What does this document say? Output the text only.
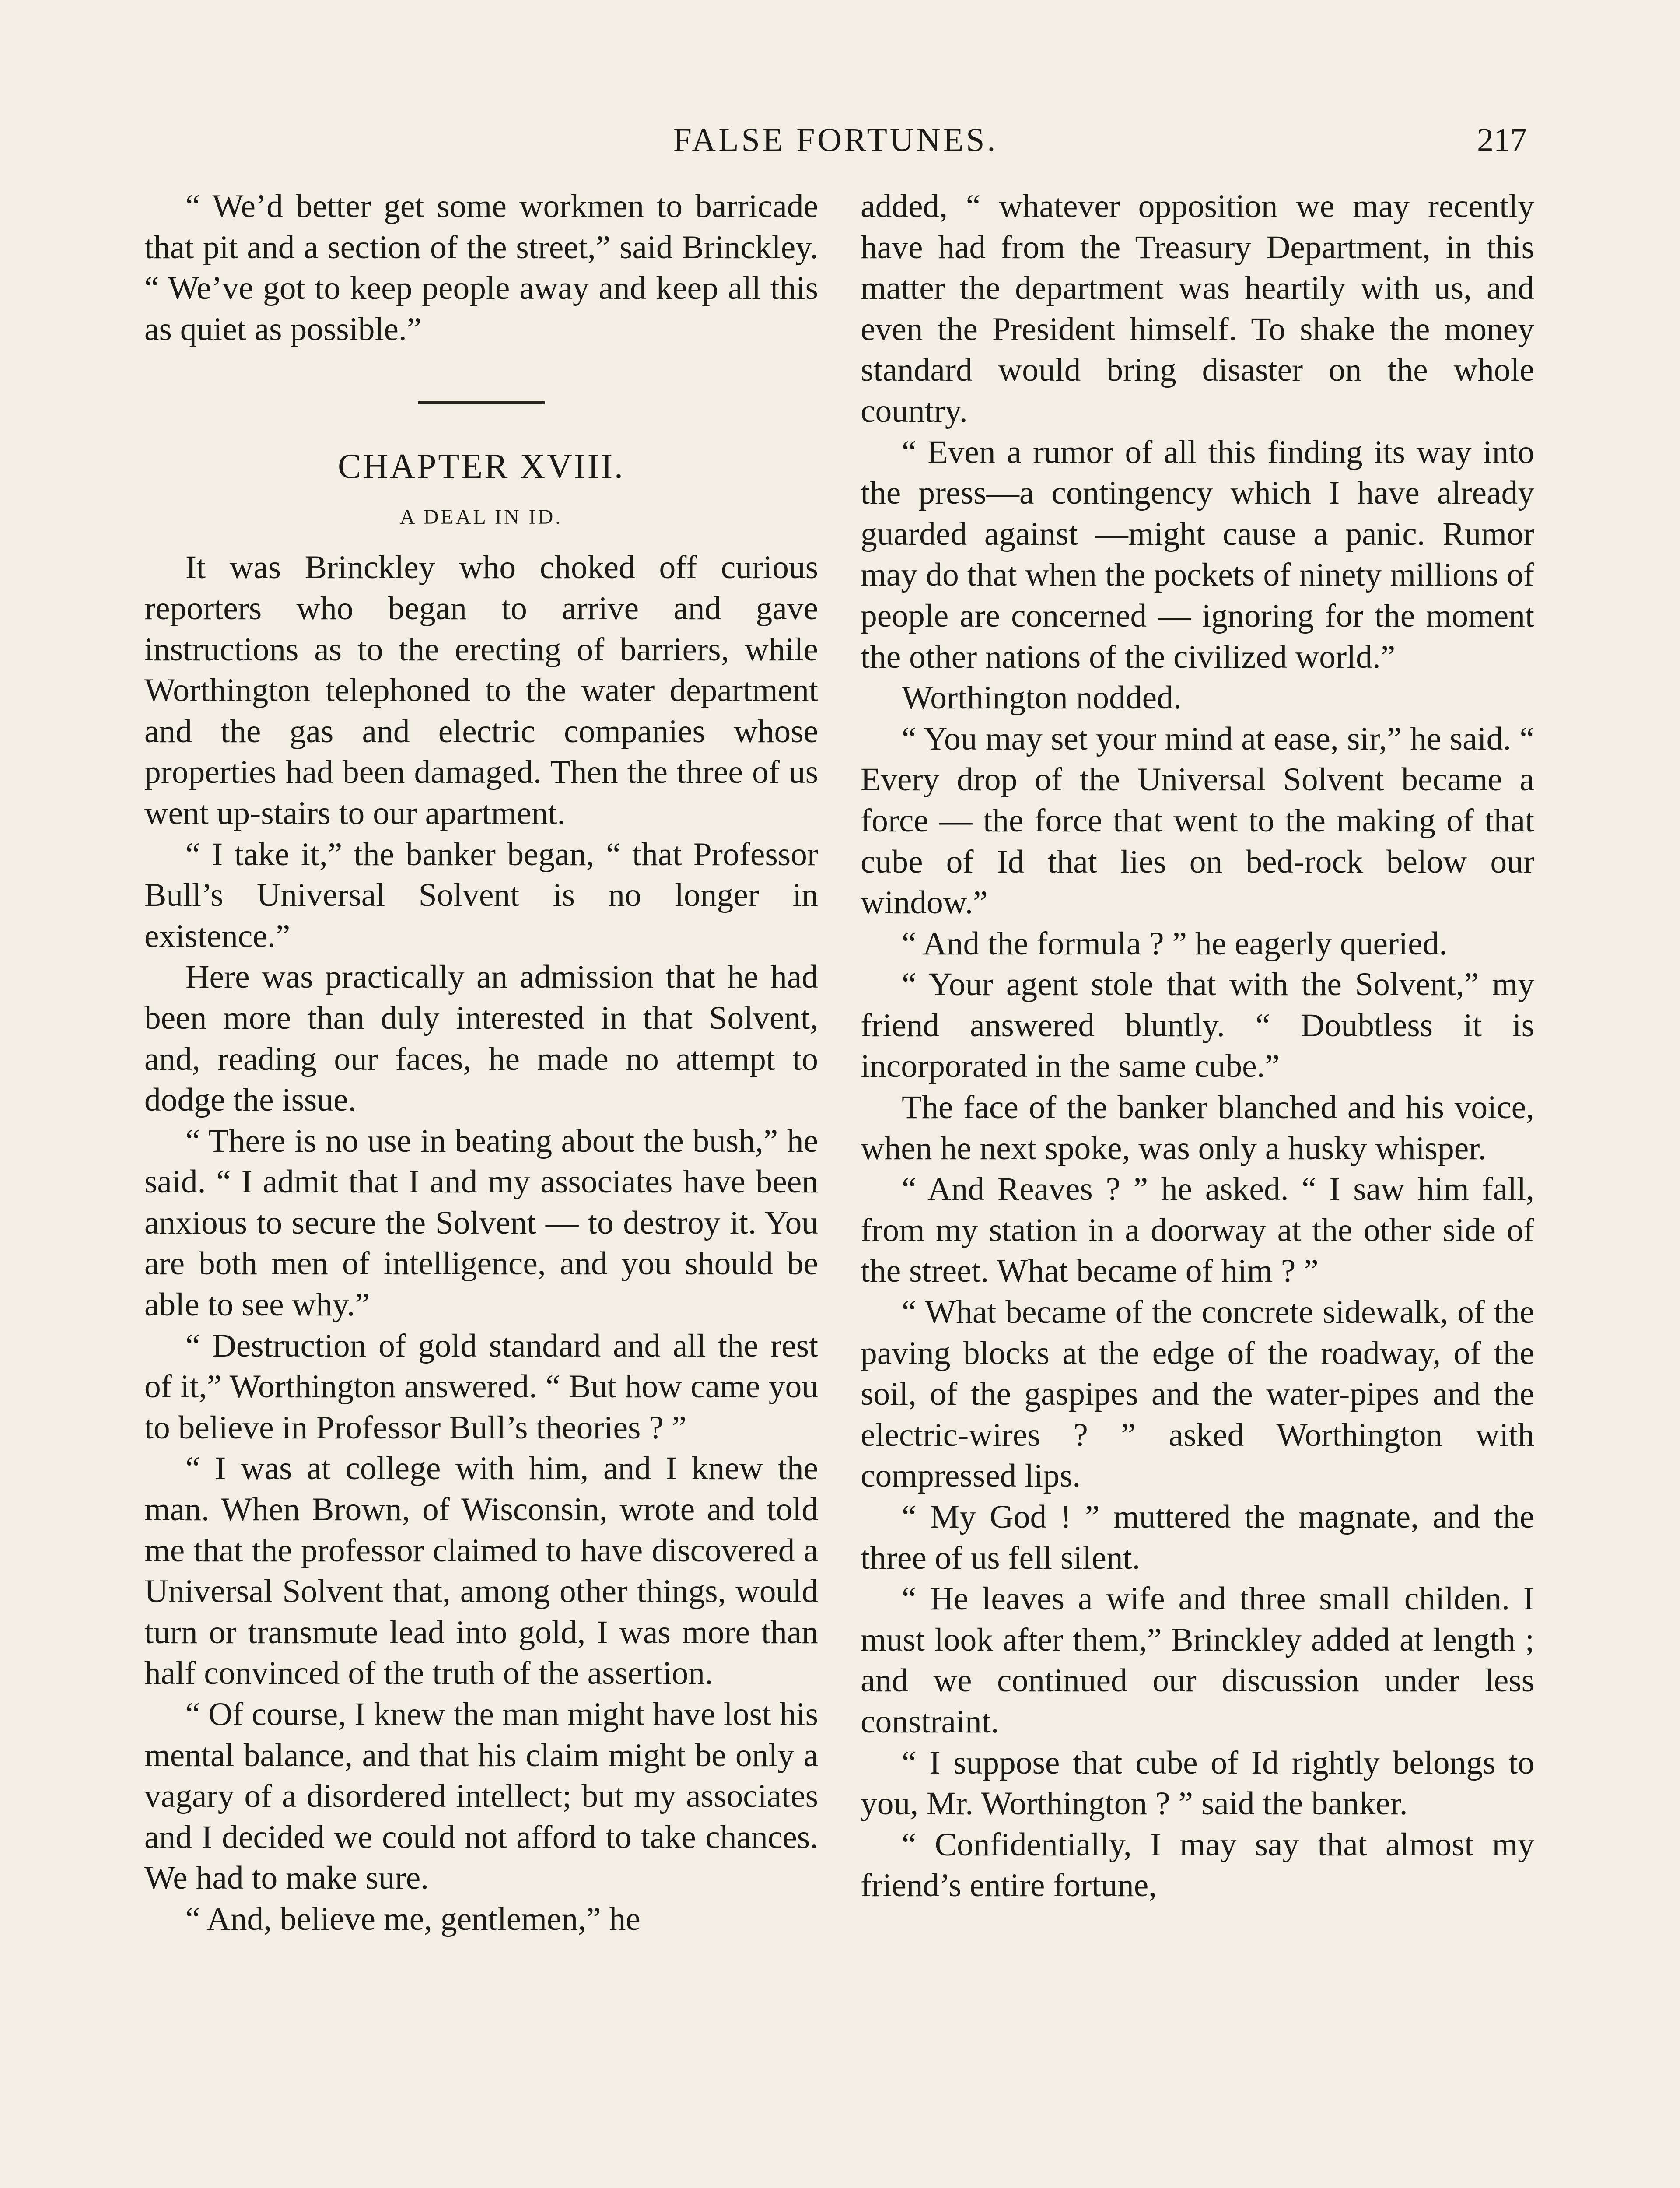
FALSE FORTUNES.	217

“ We’d better get some workmen to barricade that pit and a section of the street,” said Brinckley. “ We’ve got to keep people away and keep all this as quiet as possible.”

CHAPTER XVIII.
A DEAL IN ID.

It was Brinckley who choked off curious reporters who began to arrive and gave instructions as to the erecting of barriers, while Worthington telephoned to the water department and the gas and electric companies whose properties had been damaged. Then the three of us went up-stairs to our apartment.

“ I take it,” the banker began, “ that Professor Bull’s Universal Solvent is no longer in existence.”

Here was practically an admission that he had been more than duly interested in that Solvent, and, reading our faces, he made no attempt to dodge the issue.

“ There is no use in beating about the bush,” he said. “ I admit that I and my associates have been anxious to secure the Solvent — to destroy it. You are both men of intelligence, and you should be able to see why.”

“ Destruction of gold standard and all the rest of it,” Worthington answered. “ But how came you to believe in Professor Bull’s theories ? ”

“ I was at college with him, and I knew the man. When Brown, of Wisconsin, wrote and told me that the professor claimed to have discovered a Universal Solvent that, among other things, would turn or transmute lead into gold, I was more than half convinced of the truth of the assertion.

“ Of course, I knew the man might have lost his mental balance, and that his claim might be only a vagary of a disordered intellect; but my associates and I decided we could not afford to take chances. We had to make sure.

“ And, believe me, gentlemen,” he

added, “ whatever opposition we may recently have had from the Treasury Department, in this matter the department was heartily with us, and even the President himself. To shake the money standard would bring disaster on the whole country.

“ Even a rumor of all this finding its way into the press—a contingency which I have already guarded against —might cause a panic. Rumor may do that when the pockets of ninety millions of people are concerned — ignoring for the moment the other nations of the civilized world.”

Worthington nodded.

“ You may set your mind at ease, sir,” he said. “ Every drop of the Universal Solvent became a force — the force that went to the making of that cube of Id that lies on bed-rock below our window.”

“ And the formula ? ” he eagerly queried.

“ Your agent stole that with the Solvent,” my friend answered bluntly. “ Doubtless it is incorporated in the same cube.”

The face of the banker blanched and his voice, when he next spoke, was only a husky whisper.

“ And Reaves ? ” he asked. “ I saw him fall, from my station in a doorway at the other side of the street. What became of him ? ”

“ What became of the concrete sidewalk, of the paving blocks at the edge of the roadway, of the soil, of the gaspipes and the water-pipes and the electric-wires ? ” asked Worthington with compressed lips.

“ My God ! ” muttered the magnate, and the three of us fell silent.

“ He leaves a wife and three small childen. I must look after them,” Brinckley added at length ; and we continued our discussion under less constraint.

“ I suppose that cube of Id rightly belongs to you, Mr. Worthington ? ” said the banker.

“ Confidentially, I may say that almost my friend’s entire fortune,
